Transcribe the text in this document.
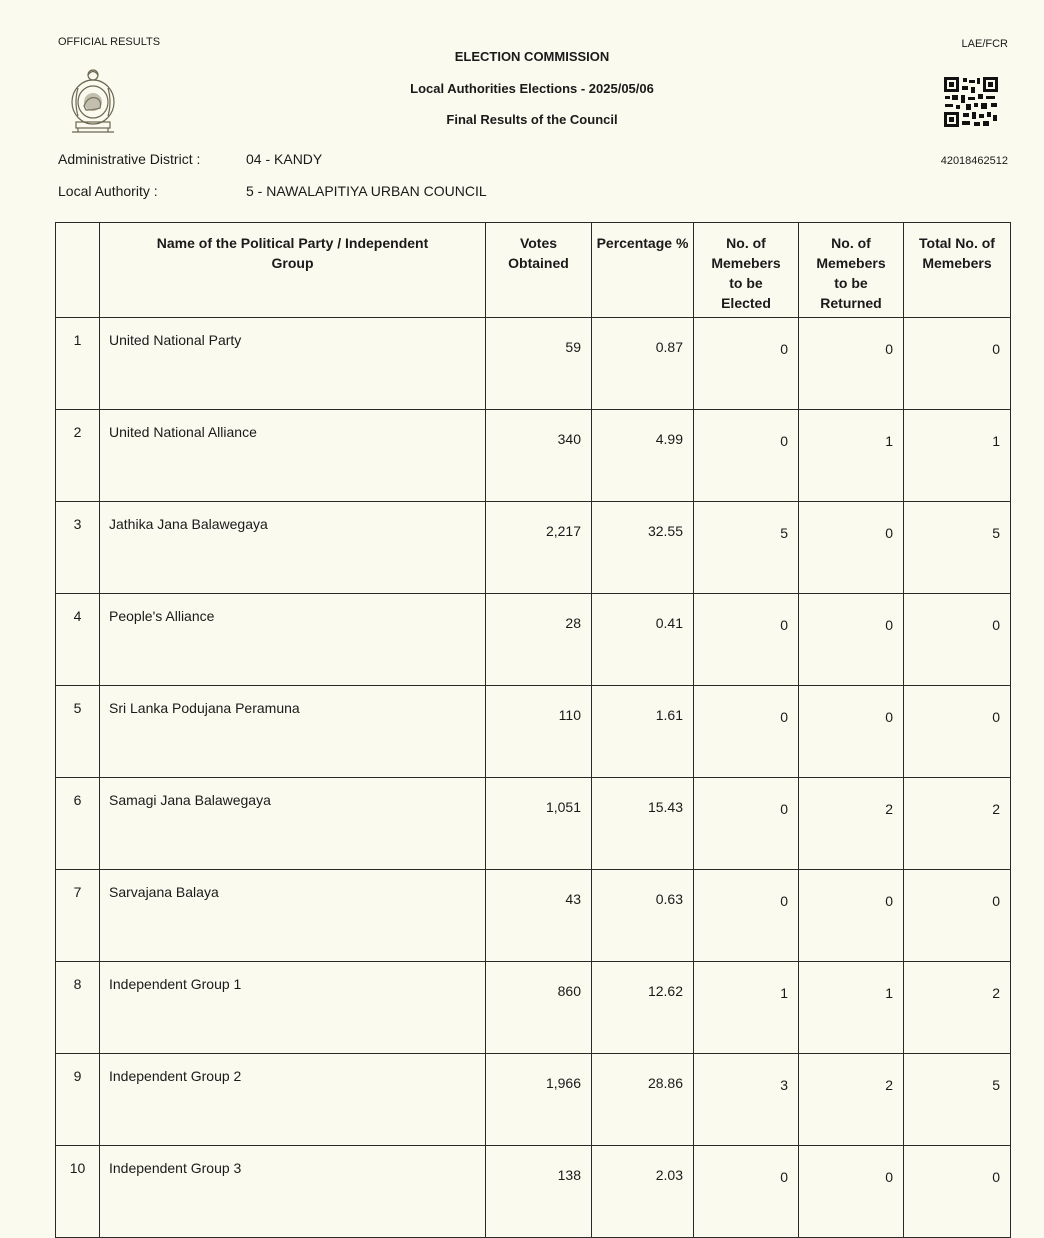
OFFICIAL RESULTS	LAE/FCR
ELECTION COMMISSION
Local Authorities Elections - 2025/05/06
Final Results of the Council
42018462512
Administrative District :	04 - KANDY
Local Authority :	5 - NAWALAPITIYA URBAN COUNCIL
	Name of the Political Party / Independent Group	Votes Obtained	Percentage %	No. of Memebers to be Elected	No. of Memebers to be Returned	Total No. of Memebers
1	United National Party	59	0.87	0	0	0
2	United National Alliance	340	4.99	0	1	1
3	Jathika Jana Balawegaya	2,217	32.55	5	0	5
4	People's Alliance	28	0.41	0	0	0
5	Sri Lanka Podujana Peramuna	110	1.61	0	0	0
6	Samagi Jana Balawegaya	1,051	15.43	0	2	2
7	Sarvajana Balaya	43	0.63	0	0	0
8	Independent Group 1	860	12.62	1	1	2
9	Independent Group 2	1,966	28.86	3	2	5
10	Independent Group 3	138	2.03	0	0	0
